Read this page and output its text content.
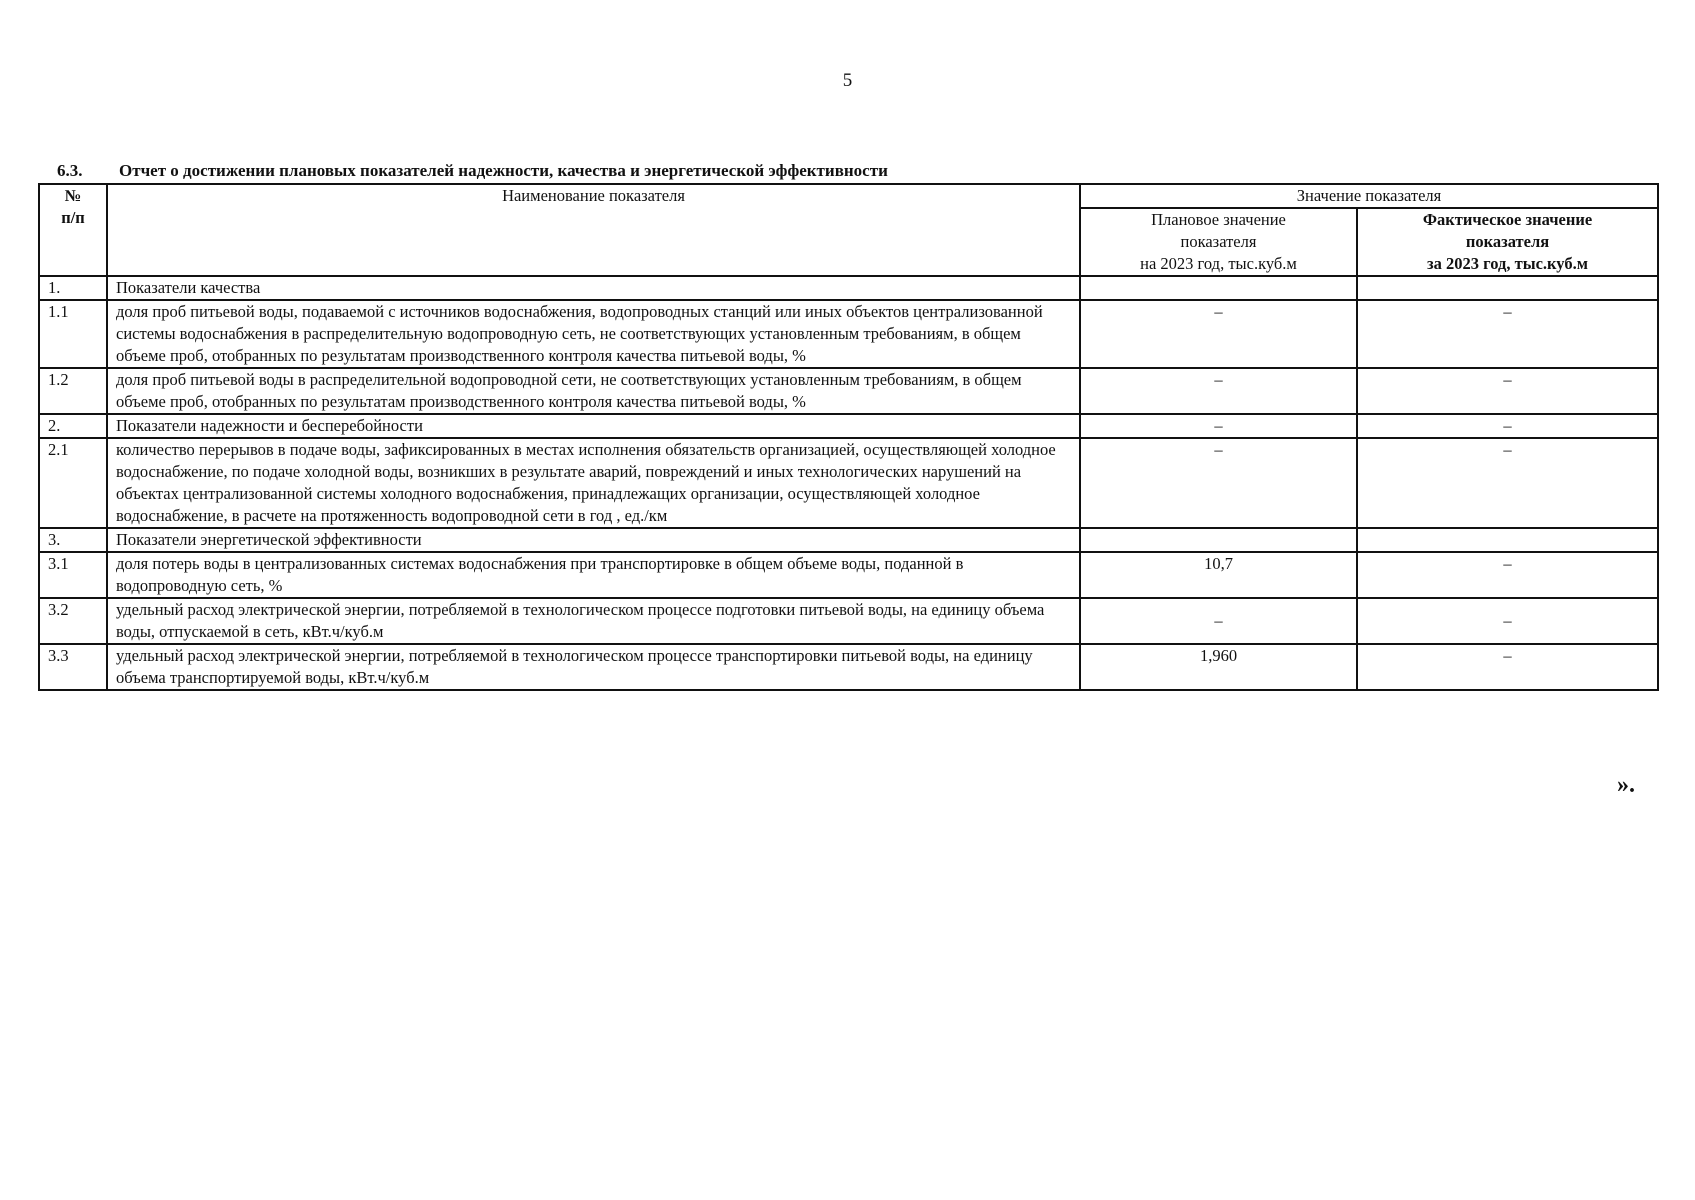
5
6.3. Отчет о достижении плановых показателей надежности, качества и энергетической эффективности
№
п/п	Наименование показателя	Значение показателя	
		Плановое значение
показателя
на 2023 год, тыс.куб.м	Фактическое значение
показателя
за 2023 год, тыс.куб.м
1.	Показатели качества		
1.1	доля проб питьевой воды, подаваемой с источников водоснабжения, водопроводных станций или иных объектов централизованной системы водоснабжения в распределительную водопроводную сеть, не соответствующих установленным требованиям, в общем объеме проб, отобранных по результатам производственного контроля качества питьевой воды, %	–	–
1.2	доля проб питьевой воды в распределительной водопроводной сети, не соответствующих установленным требованиям, в общем объеме проб, отобранных по результатам производственного контроля качества питьевой воды, %	–	–
2.	Показатели надежности и бесперебойности	–	–
2.1	количество перерывов в подаче воды, зафиксированных в местах исполнения обязательств организацией, осуществляющей холодное водоснабжение, по подаче холодной воды, возникших в результате аварий, повреждений и иных технологических нарушений на объектах централизованной системы холодного водоснабжения, принадлежащих организации, осуществляющей холодное водоснабжение, в расчете на протяженность водопроводной сети в год , ед./км	–	–
3.	Показатели энергетической эффективности		
3.1	доля потерь воды в централизованных системах водоснабжения при транспортировке в общем объеме воды, поданной в водопроводную сеть, %	10,7	–
3.2	удельный расход электрической энергии, потребляемой в технологическом процессе подготовки питьевой воды, на единицу объема воды, отпускаемой в сеть, кВт.ч/куб.м	–	–
3.3	удельный расход электрической энергии, потребляемой в технологическом процессе транспортировки питьевой воды, на единицу объема транспортируемой воды, кВт.ч/куб.м	1,960	–
».
